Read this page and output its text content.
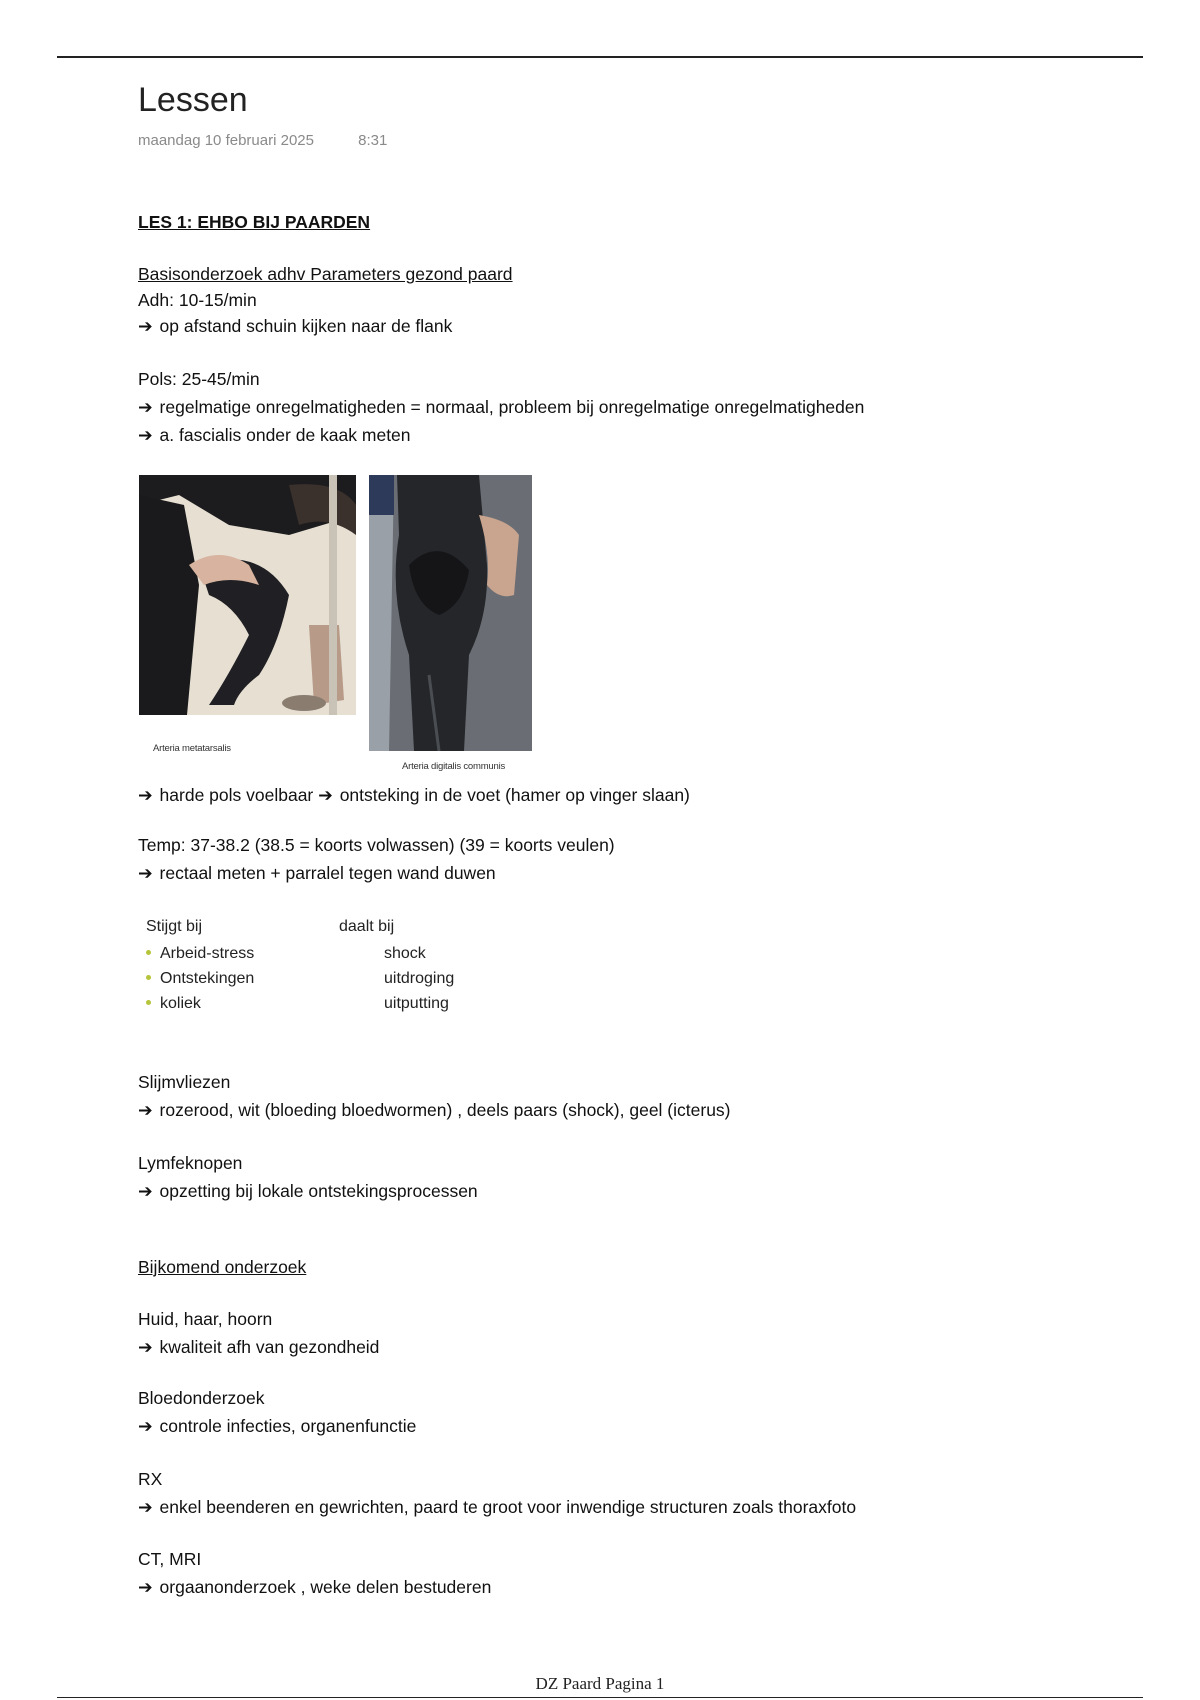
Lessen
maandag 10 februari 2025	8:31
LES 1: EHBO BIJ PAARDEN
Basisonderzoek adhv Parameters gezond paard
Adh: 10-15/min
➔ op afstand schuin kijken naar de flank
Pols: 25-45/min
➔ regelmatige onregelmatigheden = normaal, probleem bij onregelmatige onregelmatigheden
➔ a. fascialis onder de kaak meten
Arteria metatarsalis
Arteria digitalis communis
➔ harde pols voelbaar ➔ ontsteking in de voet (hamer op vinger slaan)
Temp: 37-38.2 (38.5 = koorts volwassen) (39 = koorts veulen)
➔ rectaal meten + parralel tegen wand duwen
Stijgt bij	daalt bij
Arbeid-stress	shock
Ontstekingen	uitdroging
koliek	uitputting
Slijmvliezen
➔ rozerood, wit (bloeding bloedwormen) , deels paars (shock), geel (icterus)
Lymfeknopen
➔ opzetting bij lokale ontstekingsprocessen
Bijkomend onderzoek
Huid, haar, hoorn
➔ kwaliteit afh van gezondheid
Bloedonderzoek
➔ controle infecties, organenfunctie
RX
➔ enkel beenderen en gewrichten, paard te groot voor inwendige structuren zoals thoraxfoto
CT, MRI
➔ orgaanonderzoek , weke delen bestuderen
DZ Paard Pagina 1
